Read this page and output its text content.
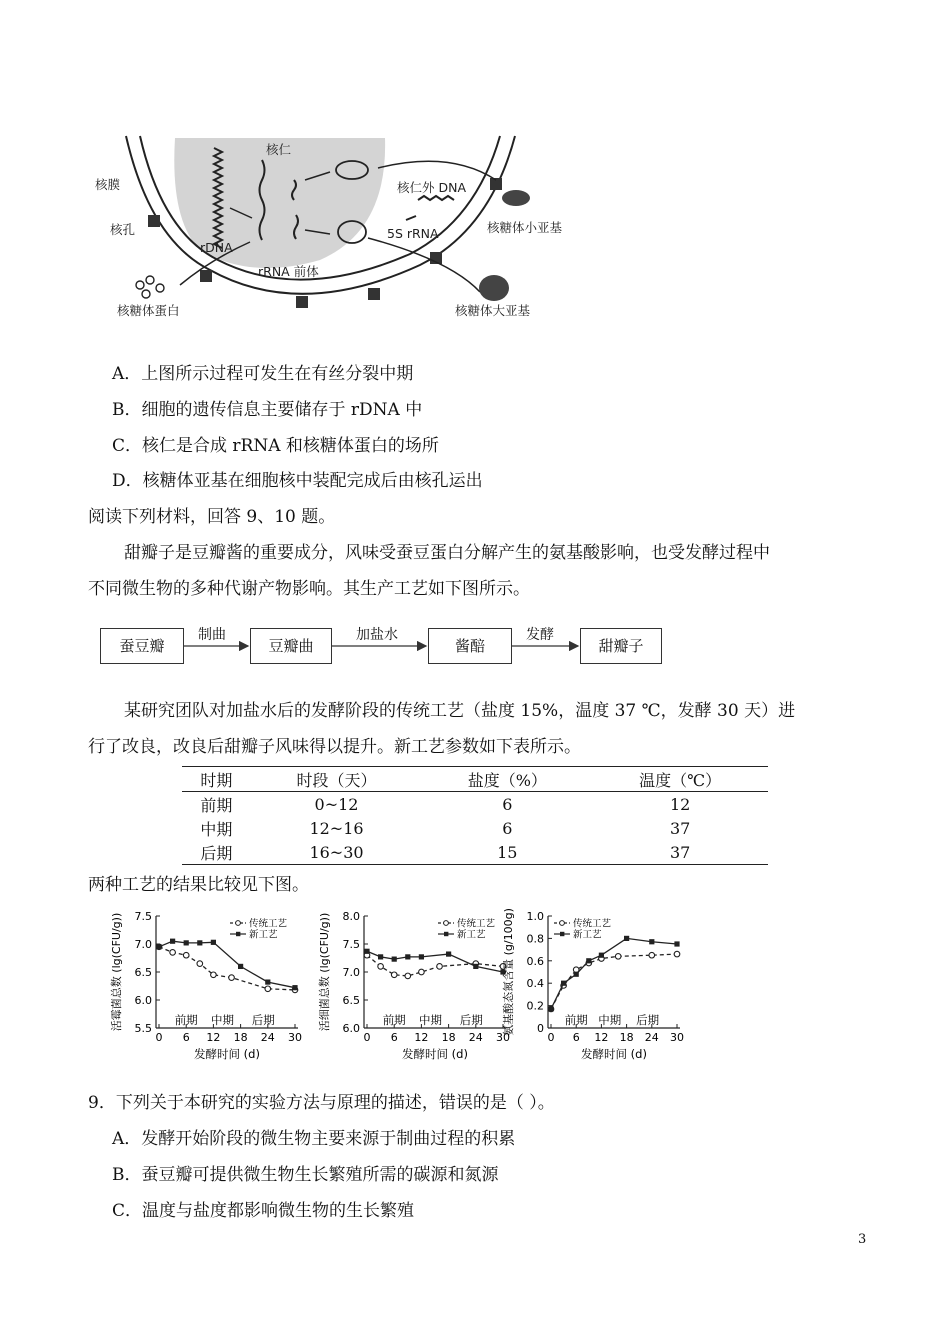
核膜
核孔
核仁
rDNA
rRNA 前体
核仁外 DNA
5S rRNA	核糖体小亚基
核糖体大亚基
核糖体蛋白
A．上图所示过程可发生在有丝分裂中期
B．细胞的遗传信息主要储存于 rDNA 中
C．核仁是合成 rRNA 和核糖体蛋白的场所
D．核糖体亚基在细胞核中装配完成后由核孔运出
阅读下列材料，回答 9、10 题。
甜瓣子是豆瓣酱的重要成分，风味受蚕豆蛋白分解产生的氨基酸影响，也受发酵过程中
不同微生物的多种代谢产物影响。其生产工艺如下图所示。
蚕豆瓣	豆瓣曲	酱醅	甜瓣子
制曲	加盐水	发酵
某研究团队对加盐水后的发酵阶段的传统工艺（盐度 15%，温度 37 ℃，发酵 30 天）进
行了改良，改良后甜瓣子风味得以提升。新工艺参数如下表所示。
时期	时段（天）	盐度（%）	温度（℃）
前期	0~12	6	12
中期	12~16	6	37
后期	16~30	15	37
两种工艺的结果比较见下图。
5.5
6.0
6.5
7.0
7.5
0 6 12 18 24 30
前期 中期 后期
发酵时间 (d)
活霉菌总数 (lg(CFU/g))	传统工艺
新工艺
6.0
6.5
7.0
7.5
8.0
0 6 12 18 24 30
前期 中期 后期
发酵时间 (d)
活细菌总数 (lg(CFU/g))	传统工艺
新工艺
0
0.2
0.4
0.6
0.8
1.0
0 6 12 18 24 30
前期 中期 后期
发酵时间 (d)
氨基酸态氮含量 (g/100g)	传统工艺
新工艺
9．下列关于本研究的实验方法与原理的描述，错误的是（ ）。
A．发酵开始阶段的微生物主要来源于制曲过程的积累
B．蚕豆瓣可提供微生物生长繁殖所需的碳源和氮源
C．温度与盐度都影响微生物的生长繁殖
3
